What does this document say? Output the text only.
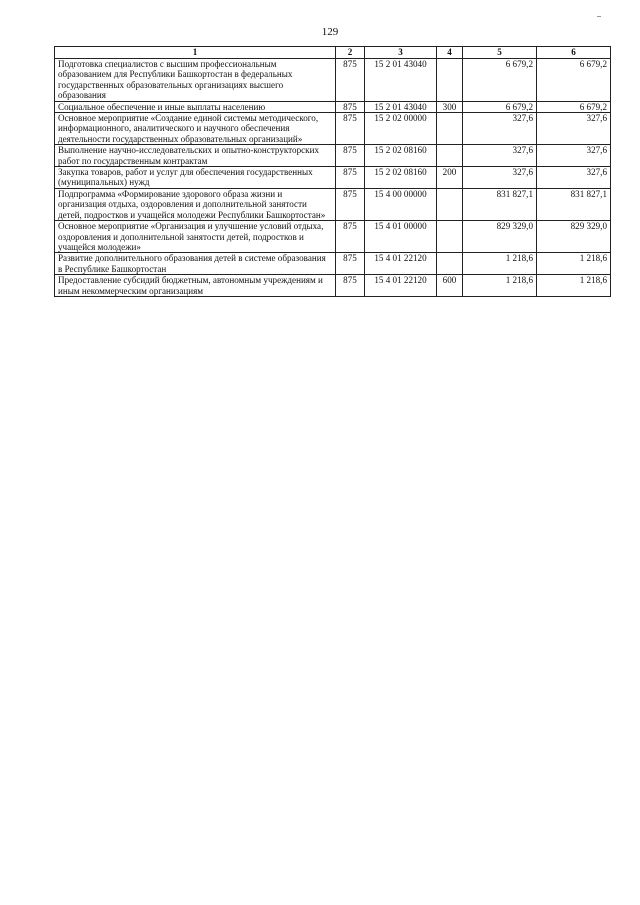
129
1	2	3	4	5	6
Подготовка специалистов с высшим профессиональным образованием для Республики Башкортостан в федеральных государственных образовательных организациях высшего образования	875	15 2 01 43040		6 679,2	6 679,2
Социальное обеспечение и иные выплаты населению	875	15 2 01 43040	300	6 679,2	6 679,2
Основное мероприятие «Создание единой системы методического, информационного, аналитического и научного обеспечения деятельности государственных образовательных организаций»	875	15 2 02 00000		327,6	327,6
Выполнение научно-исследовательских и опытно-конструкторских работ по государственным контрактам	875	15 2 02 08160		327,6	327,6
Закупка товаров, работ и услуг для обеспечения государственных (муниципальных) нужд	875	15 2 02 08160	200	327,6	327,6
Подпрограмма «Формирование здорового образа жизни и организация отдыха, оздоровления и дополнительной занятости детей, подростков и учащейся молодежи Республики Башкортостан»	875	15 4 00 00000		831 827,1	831 827,1
Основное мероприятие «Организация и улучшение условий отдыха, оздоровления и дополнительной занятости детей, подростков и учащейся молодежи»	875	15 4 01 00000		829 329,0	829 329,0
Развитие дополнительного образования детей в системе образования в Республике Башкортостан	875	15 4 01 22120		1 218,6	1 218,6
Предоставление субсидий бюджетным, автономным учреждениям и иным некоммерческим организациям	875	15 4 01 22120	600	1 218,6	1 218,6
